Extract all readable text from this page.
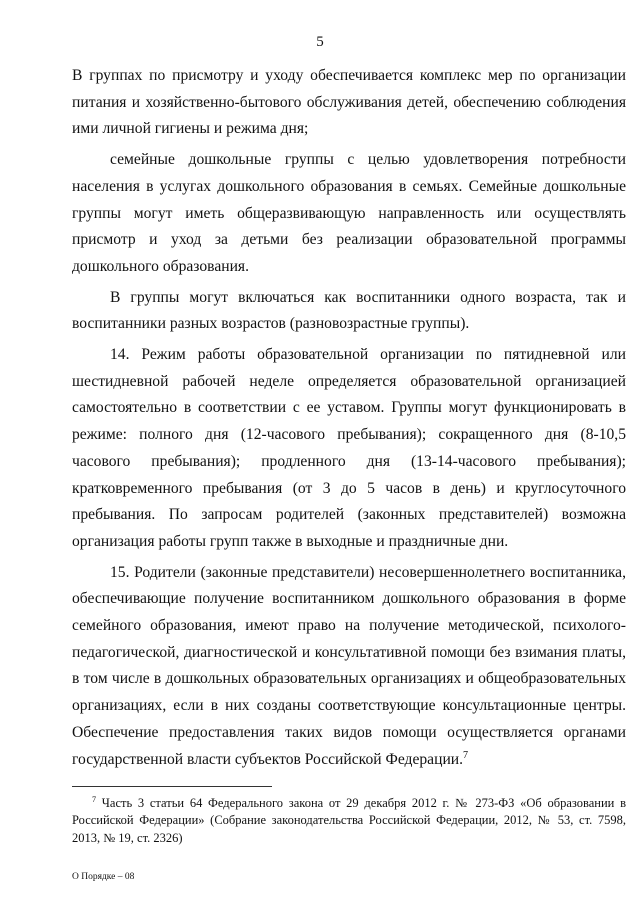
5

В группах по присмотру и уходу обеспечивается комплекс мер по организации питания и хозяйственно-бытового обслуживания детей, обеспечению соблюдения ими личной гигиены и режима дня;

семейные дошкольные группы с целью удовлетворения потребности населения в услугах дошкольного образования в семьях. Семейные дошкольные группы могут иметь общеразвивающую направленность или осуществлять присмотр и уход за детьми без реализации образовательной программы дошкольного образования.

В группы могут включаться как воспитанники одного возраста, так и воспитанники разных возрастов (разновозрастные группы).

14. Режим работы образовательной организации по пятидневной или шестидневной рабочей неделе определяется образовательной организацией самостоятельно в соответствии с ее уставом. Группы могут функционировать в режиме: полного дня (12-часового пребывания); сокращенного дня (8-10,5 часового пребывания); продленного дня (13-14-часового пребывания); кратковременного пребывания (от 3 до 5 часов в день) и круглосуточного пребывания. По запросам родителей (законных представителей) возможна организация работы групп также в выходные и праздничные дни.

15. Родители (законные представители) несовершеннолетнего воспитанника, обеспечивающие получение воспитанником дошкольного образования в форме семейного образования, имеют право на получение методической, психолого-педагогической, диагностической и консультативной помощи без взимания платы, в том числе в дошкольных образовательных организациях и общеобразовательных организациях, если в них созданы соответствующие консультационные центры. Обеспечение предоставления таких видов помощи осуществляется органами государственной власти субъектов Российской Федерации.$^7$

$^7$ Часть 3 статьи 64 Федерального закона от 29 декабря 2012 г. № 273-ФЗ «Об образовании в Российской Федерации» (Собрание законодательства Российской Федерации, 2012, № 53, ст. 7598, 2013, № 19, ст. 2326)
О Порядке – 08
